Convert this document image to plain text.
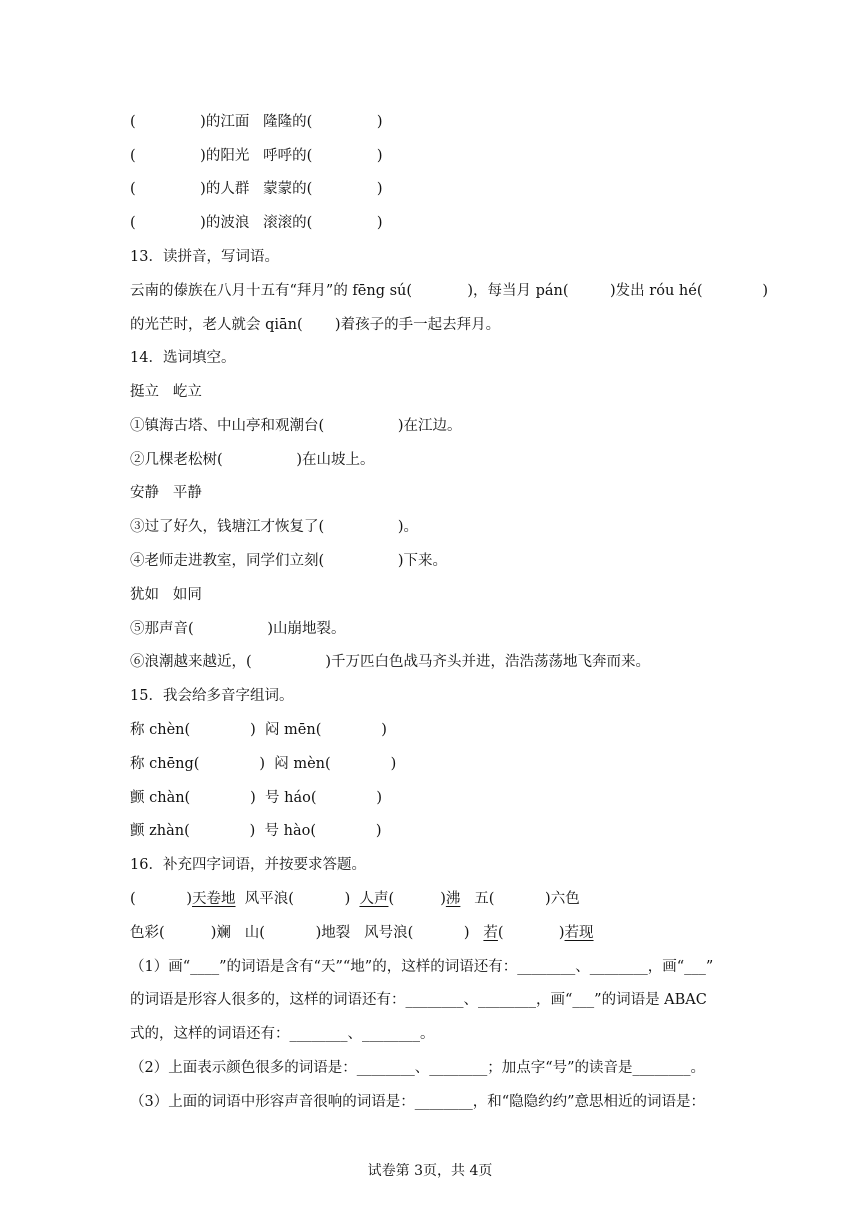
(              )的江面   隆隆的(              )
(              )的阳光   呼呼的(              )
(              )的人群   蒙蒙的(              )
(              )的波浪   滚滚的(              )
13．读拼音，写词语。
云南的傣族在八月十五有“拜月”的 fēng sú(            )，每当月 pán(         )发出 róu hé(             )
的光芒时，老人就会 qiān(       )着孩子的手一起去拜月。
14．选词填空。
挺立   屹立
①镇海古塔、中山亭和观潮台(                )在江边。
②几棵老松树(                )在山坡上。
安静   平静
③过了好久，钱塘江才恢复了(                )。
④老师走进教室，同学们立刻(                )下来。
犹如   如同
⑤那声音(                )山崩地裂。
⑥浪潮越来越近，(                )千万匹白色战马齐头并进，浩浩荡荡地飞奔而来。
15．我会给多音字组词。
称 chèn(             )  闷 mēn(             )
称 chēng(             )  闷 mèn(             )
颤 chàn(             )  号 háo(             )
颤 zhàn(             )  号 hào(             )
16．补充四字词语，并按要求答题。
(           )天卷地  风平浪(           )  人声(          )沸   五(           )六色
色彩(          )斓   山(           )地裂   风号浪(           )   若(            )若现
（1）画“____”的词语是含有“天”“地”的，这样的词语还有：________、________，画“___”
的词语是形容人很多的，这样的词语还有：________、________，画“___”的词语是 ABAC
式的，这样的词语还有：________、________。
（2）上面表示颜色很多的词语是：________、________；加点字“号”的读音是________。
（3）上面的词语中形容声音很响的词语是：________，和“隐隐约约”意思相近的词语是：
试卷第 3页，共 4页
